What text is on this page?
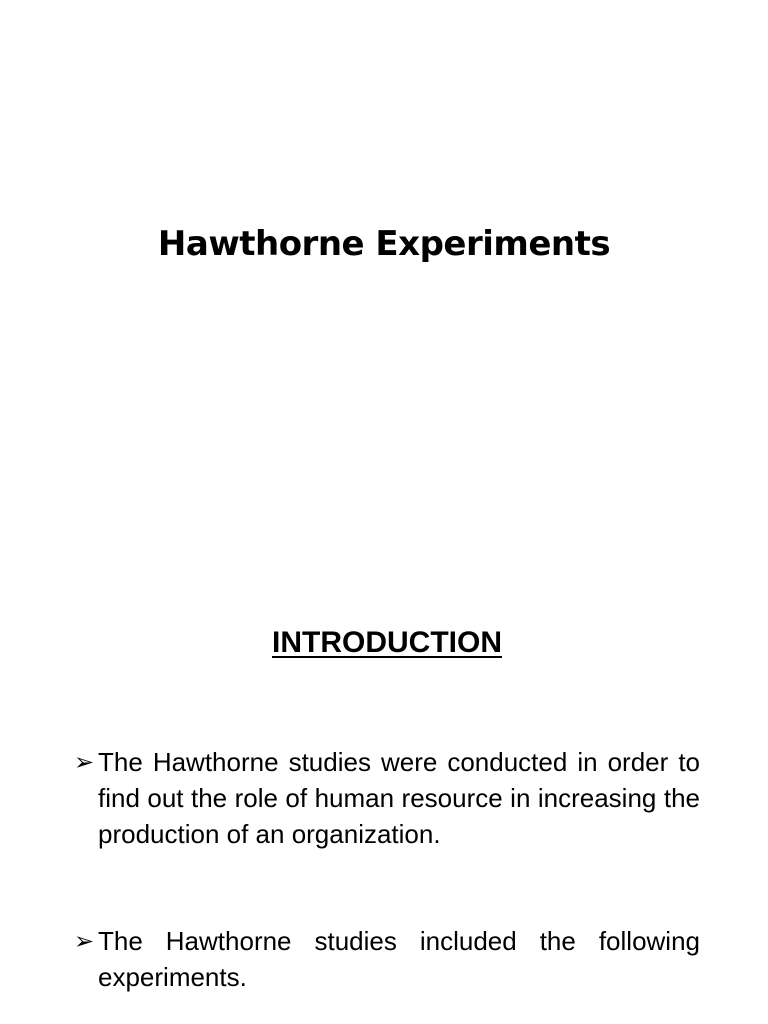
Hawthorne Experiments
INTRODUCTION
➢ The Hawthorne studies were conducted in order to find out the role of human resource in increasing the production of an organization.
➢ The Hawthorne studies included the following experiments.
